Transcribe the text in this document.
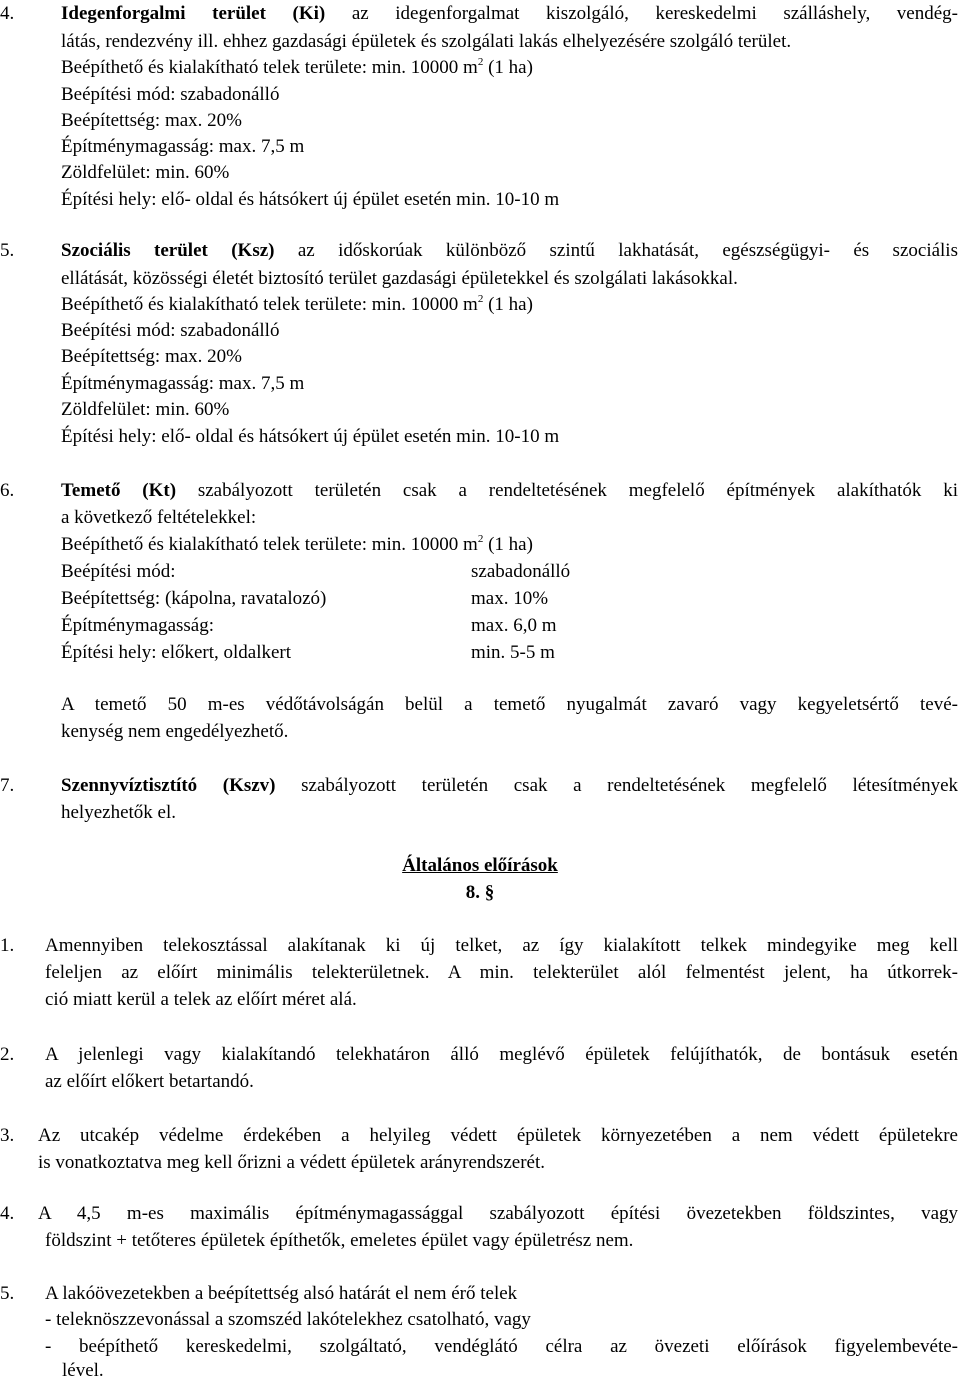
4. Idegenforgalmi terület (Ki) az idegenforgalmat kiszolgáló, kereskedelmi szálláshely, vendég-
látás, rendezvény ill. ehhez gazdasági épületek és szolgálati lakás elhelyezésére szolgáló terület.
Beépíthető és kialakítható telek területe: min. 10000 $m^2$ (1 ha)
Beépítési mód: szabadonálló
Beépítettség: max. 20%
Építménymagasság: max. 7,5 m
Zöldfelület: min. 60%
Építési hely: elő- oldal és hátsókert új épület esetén min. 10-10 m
5. Szociális terület (Ksz) az időskorúak különböző szintű lakhatását, egészségügyi- és szociális
ellátását, közösségi életét biztosító terület gazdasági épületekkel és szolgálati lakásokkal.
Beépíthető és kialakítható telek területe: min. 10000 $m^2$ (1 ha)
Beépítési mód: szabadonálló
Beépítettség: max. 20%
Építménymagasság: max. 7,5 m
Zöldfelület: min. 60%
Építési hely: elő- oldal és hátsókert új épület esetén min. 10-10 m
6. Temető (Kt) szabályozott területén csak a rendeltetésének megfelelő építmények alakíthatók ki
a következő feltételekkel:
Beépíthető és kialakítható telek területe: min. 10000 $m^2$ (1 ha)
Beépítési mód:	szabadonálló
Beépítettség: (kápolna, ravatalozó)	max. 10%
Építménymagasság:	max. 6,0 m
Építési hely: előkert, oldalkert	min. 5-5 m
A temető 50 m-es védőtávolságán belül a temető nyugalmát zavaró vagy kegyeletsértő tevé-
kenység nem engedélyezhető.
7. Szennyvíztisztító (Kszv) szabályozott területén csak a rendeltetésének megfelelő létesítmények
helyezhetők el.
Általános előírások
8. §
1. Amennyiben telekosztással alakítanak ki új telket, az így kialakított telkek mindegyike meg kell
feleljen az előírt minimális telekterületnek. A min. telekterület alól felmentést jelent, ha útkorrek-
ció miatt kerül a telek az előírt méret alá.
2. A jelenlegi vagy kialakítandó telekhatáron álló meglévő épületek felújíthatók, de bontásuk esetén
az előírt előkert betartandó.
3. Az utcakép védelme érdekében a helyileg védett épületek környezetében a nem védett épületekre
is vonatkoztatva meg kell őrizni a védett épületek arányrendszerét.
4. A 4,5 m-es maximális építménymagassággal szabályozott építési övezetekben földszintes, vagy
földszint + tetőteres épületek építhetők, emeletes épület vagy épületrész nem.
5. A lakóövezetekben a beépítettség alsó határát el nem érő telek
- teleknöszzevonással a szomszéd lakótelekhez csatolható, vagy
- beépíthető kereskedelmi, szolgáltató, vendéglátó célra az övezeti előírások figyelembevéte-
lével.
